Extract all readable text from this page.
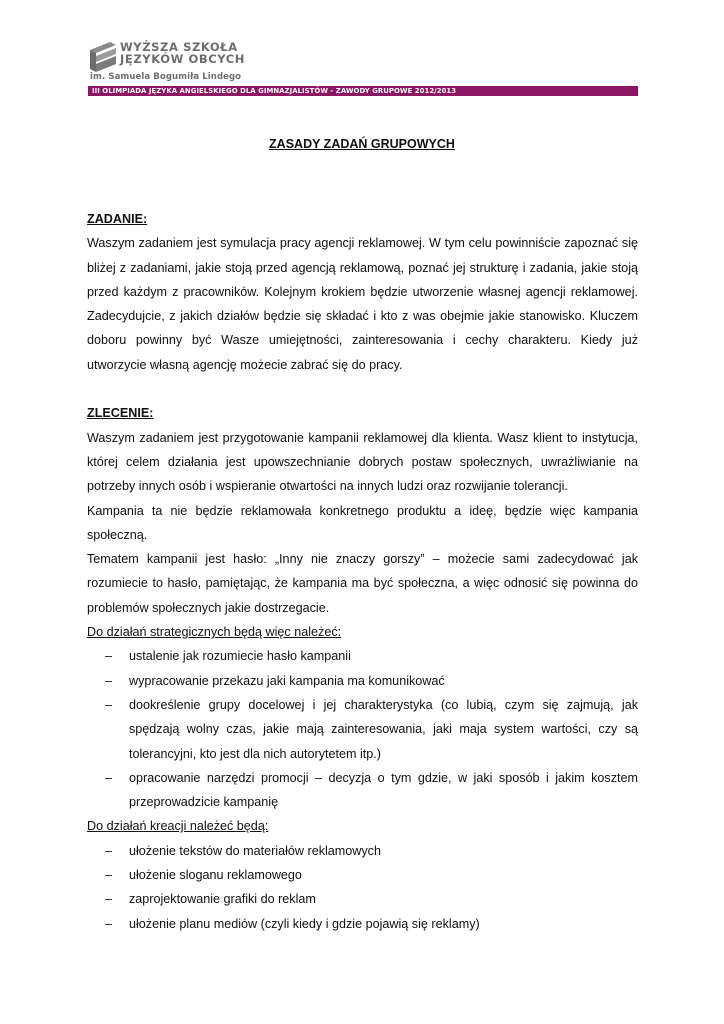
WYŻSZA SZKOŁA
JĘZYKÓW OBCYCH
im. Samuela Bogumiła Lindego
III OLIMPIADA JĘZYKA ANGIELSKIEGO DLA GIMNAZJALISTÓW - ZAWODY GRUPOWE 2012/2013
ZASADY ZADAŃ GRUPOWYCH
ZADANIE:

Waszym zadaniem jest symulacja pracy agencji reklamowej. W tym celu powinniście zapoznać się bliżej z zadaniami, jakie stoją przed agencją reklamową, poznać jej strukturę i zadania, jakie stoją przed każdym z pracowników. Kolejnym krokiem będzie utworzenie własnej agencji reklamowej. Zadecydujcie, z jakich działów będzie się składać i kto z was obejmie jakie stanowisko. Kluczem doboru powinny być Wasze umiejętności, zainteresowania i cechy charakteru. Kiedy już utworzycie własną agencję możecie zabrać się do pracy.

ZLECENIE:

Waszym zadaniem jest przygotowanie kampanii reklamowej dla klienta. Wasz klient to instytucja, której celem działania jest upowszechnianie dobrych postaw społecznych, uwrażliwianie na potrzeby innych osób i wspieranie otwartości na innych ludzi oraz rozwijanie tolerancji.

Kampania ta nie będzie reklamowała konkretnego produktu a ideę, będzie więc kampania społeczną.

Tematem kampanii jest hasło: „Inny nie znaczy gorszy” – możecie sami zadecydować jak rozumiecie to hasło, pamiętając, że kampania ma być społeczna, a więc odnosić się powinna do problemów społecznych jakie dostrzegacie.

Do działań strategicznych będą więc należeć:
– ustalenie jak rozumiecie hasło kampanii
– wypracowanie przekazu jaki kampania ma komunikować
– dookreślenie grupy docelowej i jej charakterystyka (co lubią, czym się zajmują, jak spędzają wolny czas, jakie mają zainteresowania, jaki maja system wartości, czy są tolerancyjni, kto jest dla nich autorytetem itp.)
– opracowanie narzędzi promocji – decyzja o tym gdzie, w jaki sposób i jakim kosztem przeprowadzicie kampanię
Do działań kreacji należeć będą:
– ułożenie tekstów do materiałów reklamowych
– ułożenie sloganu reklamowego
– zaprojektowanie grafiki do reklam
– ułożenie planu mediów (czyli kiedy i gdzie pojawią się reklamy)
